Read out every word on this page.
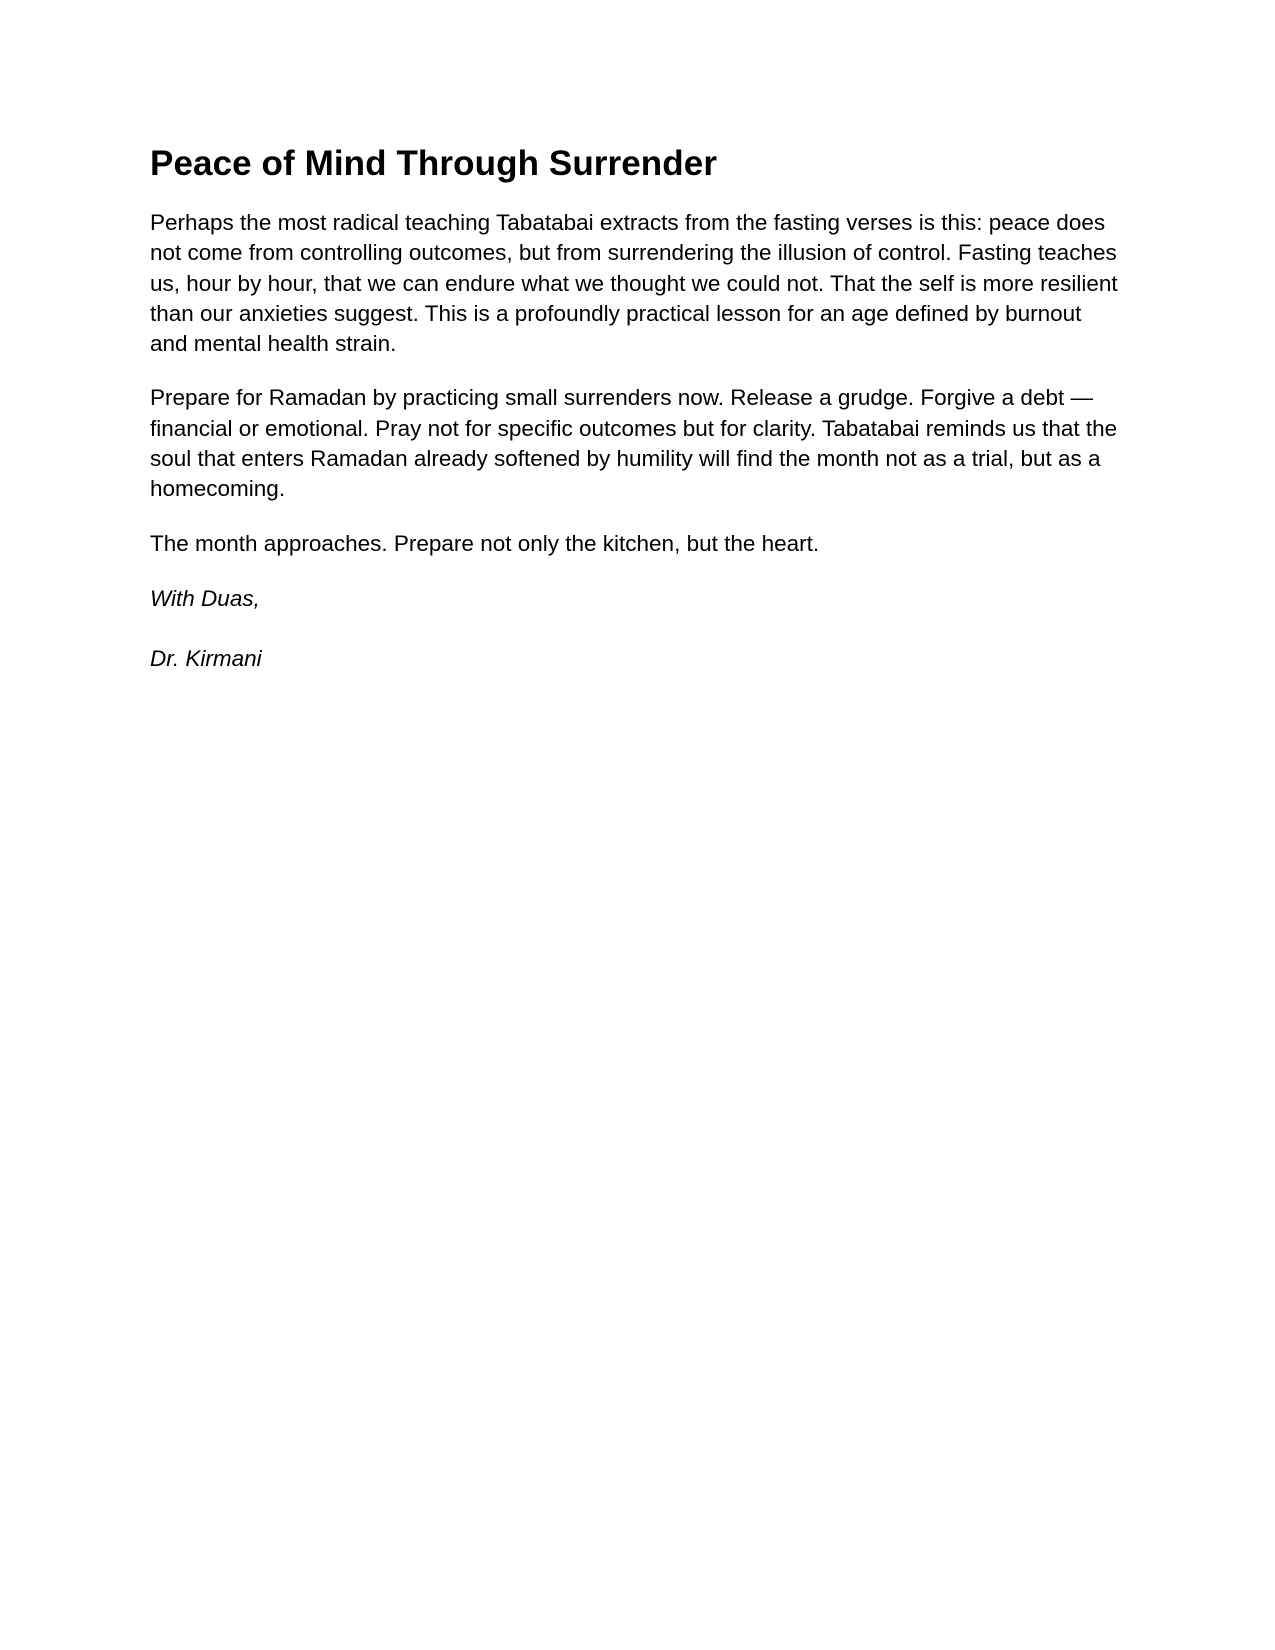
Peace of Mind Through Surrender

Perhaps the most radical teaching Tabatabai extracts from the fasting verses is this: peace does not come from controlling outcomes, but from surrendering the illusion of control. Fasting teaches us, hour by hour, that we can endure what we thought we could not. That the self is more resilient than our anxieties suggest. This is a profoundly practical lesson for an age defined by burnout and mental health strain.

Prepare for Ramadan by practicing small surrenders now. Release a grudge. Forgive a debt — financial or emotional. Pray not for specific outcomes but for clarity. Tabatabai reminds us that the soul that enters Ramadan already softened by humility will find the month not as a trial, but as a homecoming.

The month approaches. Prepare not only the kitchen, but the heart.

With Duas,

Dr. Kirmani
